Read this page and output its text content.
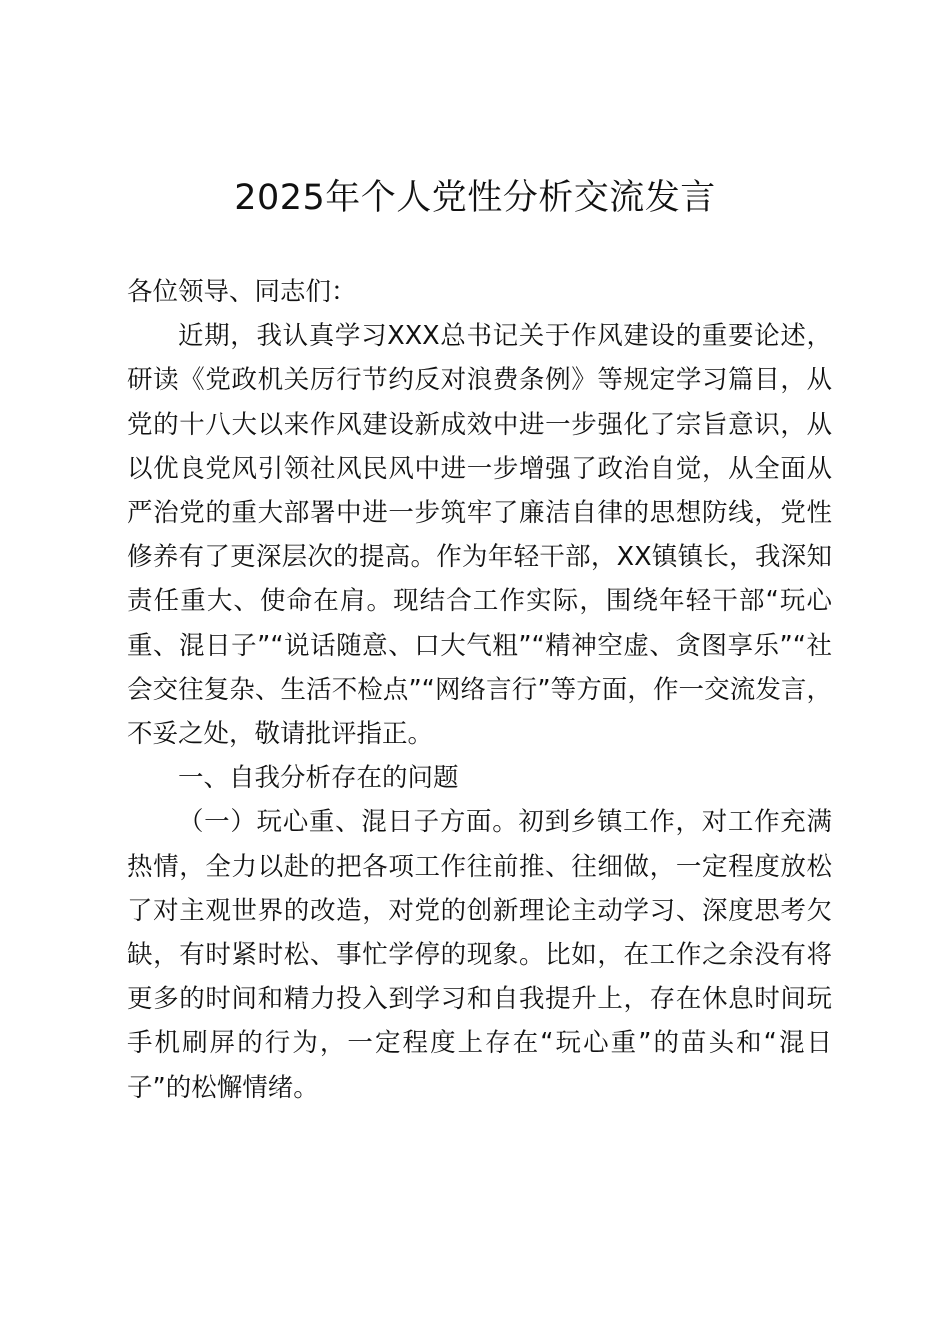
2025年个人党性分析交流发言

各位领导、同志们：

近期，我认真学习XXX总书记关于作风建设的重要论述，研读《党政机关厉行节约反对浪费条例》等规定学习篇目，从党的十八大以来作风建设新成效中进一步强化了宗旨意识，从以优良党风引领社风民风中进一步增强了政治自觉，从全面从严治党的重大部署中进一步筑牢了廉洁自律的思想防线，党性修养有了更深层次的提高。作为年轻干部，XX镇镇长，我深知责任重大、使命在肩。现结合工作实际，围绕年轻干部“玩心重、混日子”“说话随意、口大气粗”“精神空虚、贪图享乐”“社会交往复杂、生活不检点”“网络言行”等方面，作一交流发言，不妥之处，敬请批评指正。

一、自我分析存在的问题

（一）玩心重、混日子方面。初到乡镇工作，对工作充满热情，全力以赴的把各项工作往前推、往细做，一定程度放松了对主观世界的改造，对党的创新理论主动学习、深度思考欠缺，有时紧时松、事忙学停的现象。比如，在工作之余没有将更多的时间和精力投入到学习和自我提升上，存在休息时间玩手机刷屏的行为，一定程度上存在“玩心重”的苗头和“混日子”的松懈情绪。
